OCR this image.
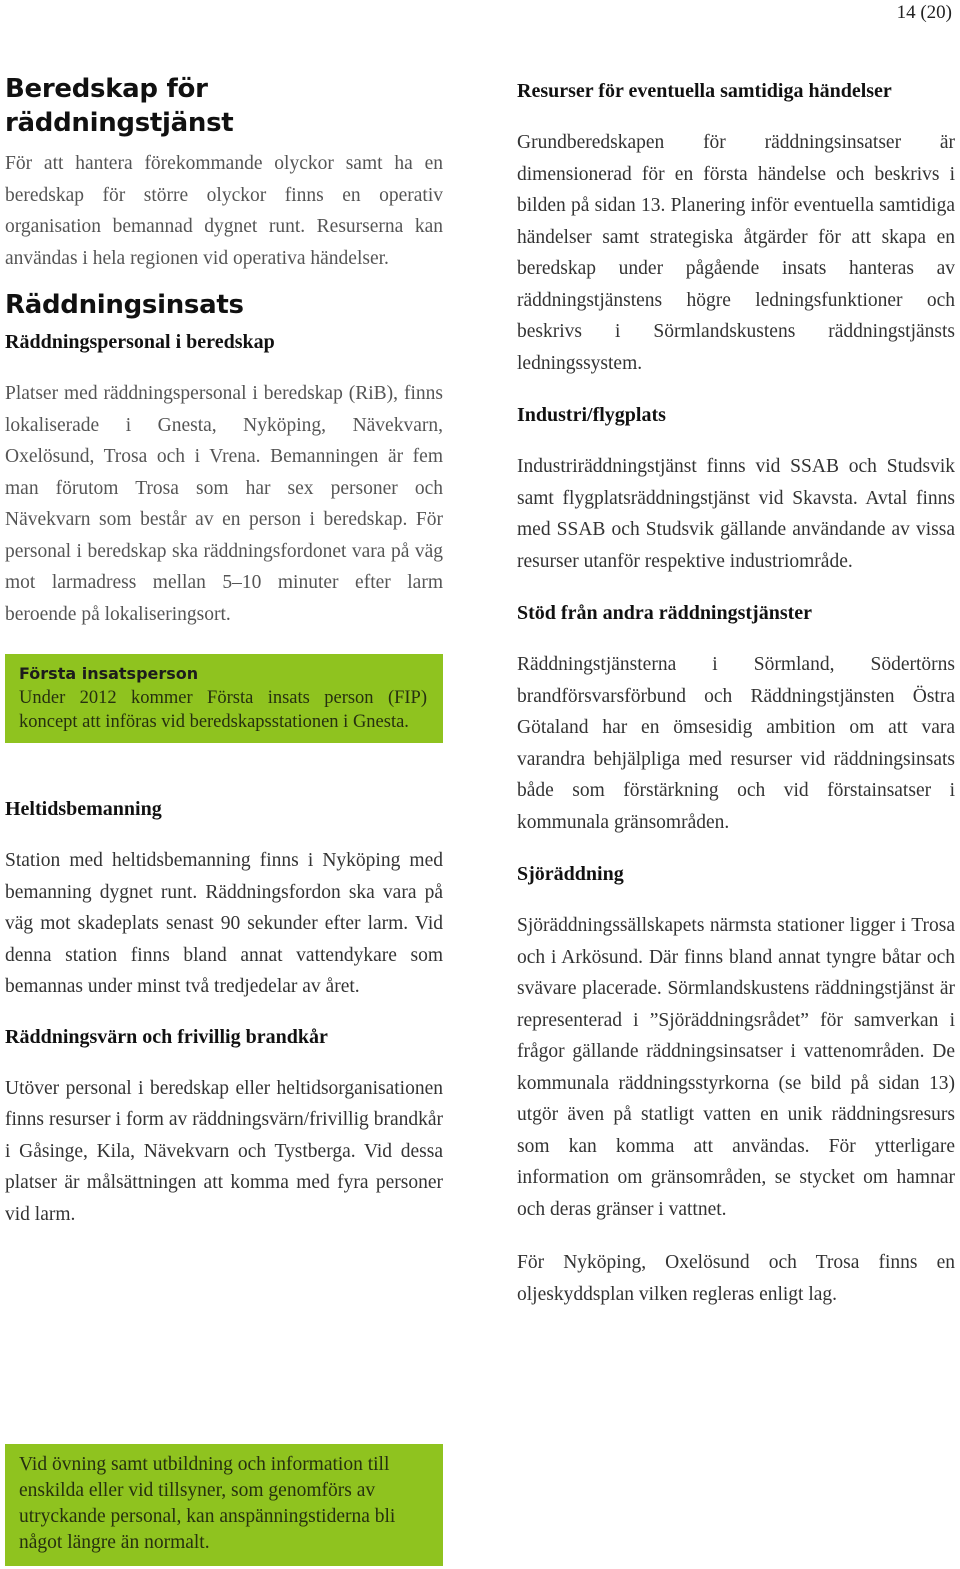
14 (20)
Beredskap för räddningstjänst

För att hantera förekommande olyckor samt ha en beredskap för större olyckor finns en operativ organisation bemannad dygnet runt. Resurserna kan användas i hela regionen vid operativa händelser.

Räddningsinsats
Räddningspersonal i beredskap

Platser med räddningspersonal i beredskap (RiB), finns lokaliserade i Gnesta, Nyköping, Nävekvarn, Oxelösund, Trosa och i Vrena. Bemanningen är fem man förutom Trosa som har sex personer och Nävekvarn som består av en person i beredskap. För personal i beredskap ska räddningsfordonet vara på väg mot larmadress mellan 5–10 minuter efter larm beroende på lokaliseringsort.

Första insatsperson
Under 2012 kommer Första insats person (FIP) koncept att införas vid beredskapsstationen i Gnesta.
Heltidsbemanning

Station med heltidsbemanning finns i Nyköping med bemanning dygnet runt. Räddningsfordon ska vara på väg mot skadeplats senast 90 sekunder efter larm. Vid denna station finns bland annat vattendykare som bemannas under minst två tredjedelar av året.

Räddningsvärn och frivillig brandkår

Utöver personal i beredskap eller heltidsorganisationen finns resurser i form av räddningsvärn/frivillig brandkår i Gåsinge, Kila, Nävekvarn och Tystberga. Vid dessa platser är målsättningen att komma med fyra personer vid larm.

Resurser för eventuella samtidiga händelser

Grundberedskapen för räddningsinsatser är dimensionerad för en första händelse och beskrivs i bilden på sidan 13. Planering inför eventuella samtidiga händelser samt strategiska åtgärder för att skapa en beredskap under pågående insats hanteras av räddningstjänstens högre ledningsfunktioner och beskrivs i Sörmlandskustens räddningstjänsts ledningssystem.

Industri/flygplats

Industriräddningstjänst finns vid SSAB och Studsvik samt flygplatsräddningstjänst vid Skavsta. Avtal finns med SSAB och Studsvik gällande användande av vissa resurser utanför respektive industriområde.

Stöd från andra räddningstjänster

Räddningstjänsterna i Sörmland, Södertörns brandförsvarsförbund och Räddningstjänsten Östra Götaland har en ömsesidig ambition om att vara varandra behjälpliga med resurser vid räddningsinsats både som förstärkning och vid förstainsatser i kommunala gränsområden.

Sjöräddning

Sjöräddningssällskapets närmsta stationer ligger i Trosa och i Arkösund. Där finns bland annat tyngre båtar och svävare placerade. Sörmlandskustens räddningstjänst är representerad i ”Sjöräddningsrådet” för samverkan i frågor gällande räddningsinsatser i vattenområden. De kommunala räddningsstyrkorna (se bild på sidan 13) utgör även på statligt vatten en unik räddningsresurs som kan komma att användas. För ytterligare information om gränsområden, se stycket om hamnar och deras gränser i vattnet.

För Nyköping, Oxelösund och Trosa finns en oljeskyddsplan vilken regleras enligt lag.

Vid övning samt utbildning och information till enskilda eller vid tillsyner, som genomförs av utryckande personal, kan anspänningstiderna bli något längre än normalt.
